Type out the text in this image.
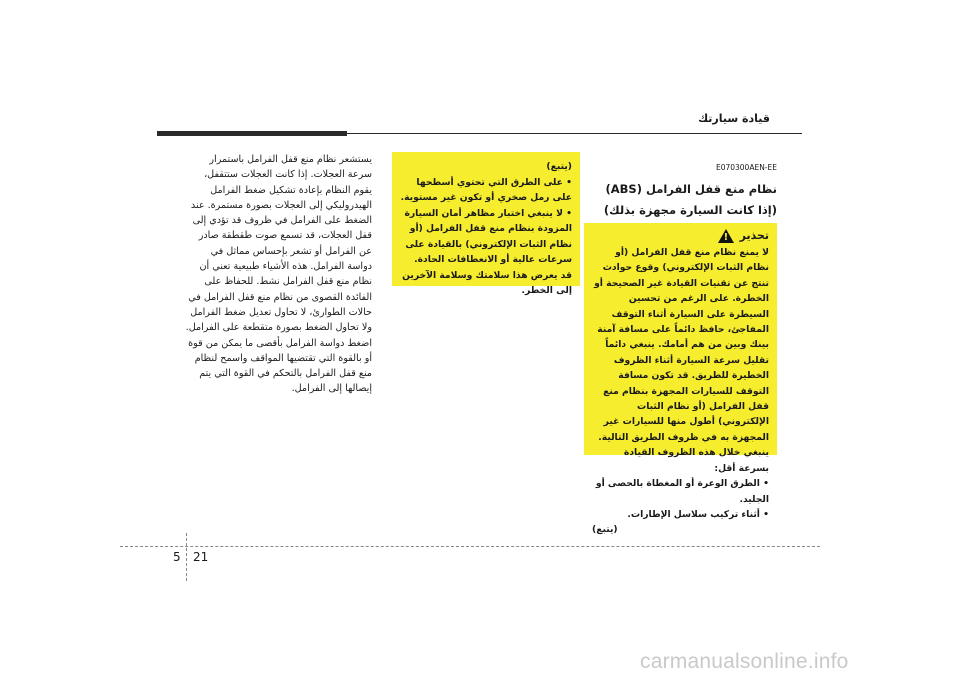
قيادة سيارتك

يستشعر نظام منع قفل الفرامل باستمرار سرعة العجلات. إذا كانت العجلات ستتقفل، يقوم النظام بإعادة تشكيل ضغط الفرامل الهيدروليكي إلى العجلات بصورة مستمرة. عند الضغط على الفرامل في ظروف قد تؤدي إلى قفل العجلات، قد تسمع صوت طقطقة صادر عن الفرامل أو تشعر بإحساس مماثل في دواسة الفرامل. هذه الأشياء طبيعية تعني أن نظام منع قفل الفرامل نشط. للحفاظ على الفائدة القصوى من نظام منع قفل الفرامل في حالات الطوارئ، لا تحاول تعديل ضغط الفرامل ولا تحاول الضغط بصورة متقطعة على الفرامل. اضغط دواسة الفرامل بأقصى ما يمكن من قوة أو بالقوة التي تقتضيها المواقف واسمح لنظام منع قفل الفرامل بالتحكم في القوة التي يتم إيصالها إلى الفرامل.

(يتبع)
• على الطرق التي تحتوي أسطحها على رمل صخري أو تكون غير مستوية.
• لا ينبغي اختبار مظاهر أمان السيارة المزودة بنظام منع قفل الفرامل (أو نظام الثبات الإلكتروني) بالقيادة على سرعات عالية أو الانعطافات الحادة. قد يعرض هذا سلامتك وسلامة الآخرين إلى الخطر.
E070300AEN-EE
نظام منع قفل الفرامل (ABS)
(إذا كانت السيارة مجهزة بذلك)
تحذير
!
لا يمنع نظام منع قفل الفرامل (أو نظام الثبات الإلكتروني) وقوع حوادث تنتج عن تقنيات القيادة غير الصحيحة أو الخطرة. على الرغم من تحسين السيطرة على السيارة أثناء التوقف المفاجئ، حافظ دائماً على مسافة آمنة بينك وبين من هم أمامك. ينبغي دائماً تقليل سرعة السيارة أثناء الظروف الخطيرة للطريق. قد تكون مسافة التوقف للسيارات المجهزة بنظام منع قفل الفرامل (أو نظام الثبات الإلكتروني) أطول منها للسيارات غير المجهزة به في ظروف الطريق التالية.
ينبغي خلال هذه الظروف القيادة بسرعة أقل:
• الطرق الوعرة أو المغطاة بالحصى أو الجليد.
• أثناء تركيب سلاسل الإطارات.
(يتبع)
5 21
carmanualsonline.info
